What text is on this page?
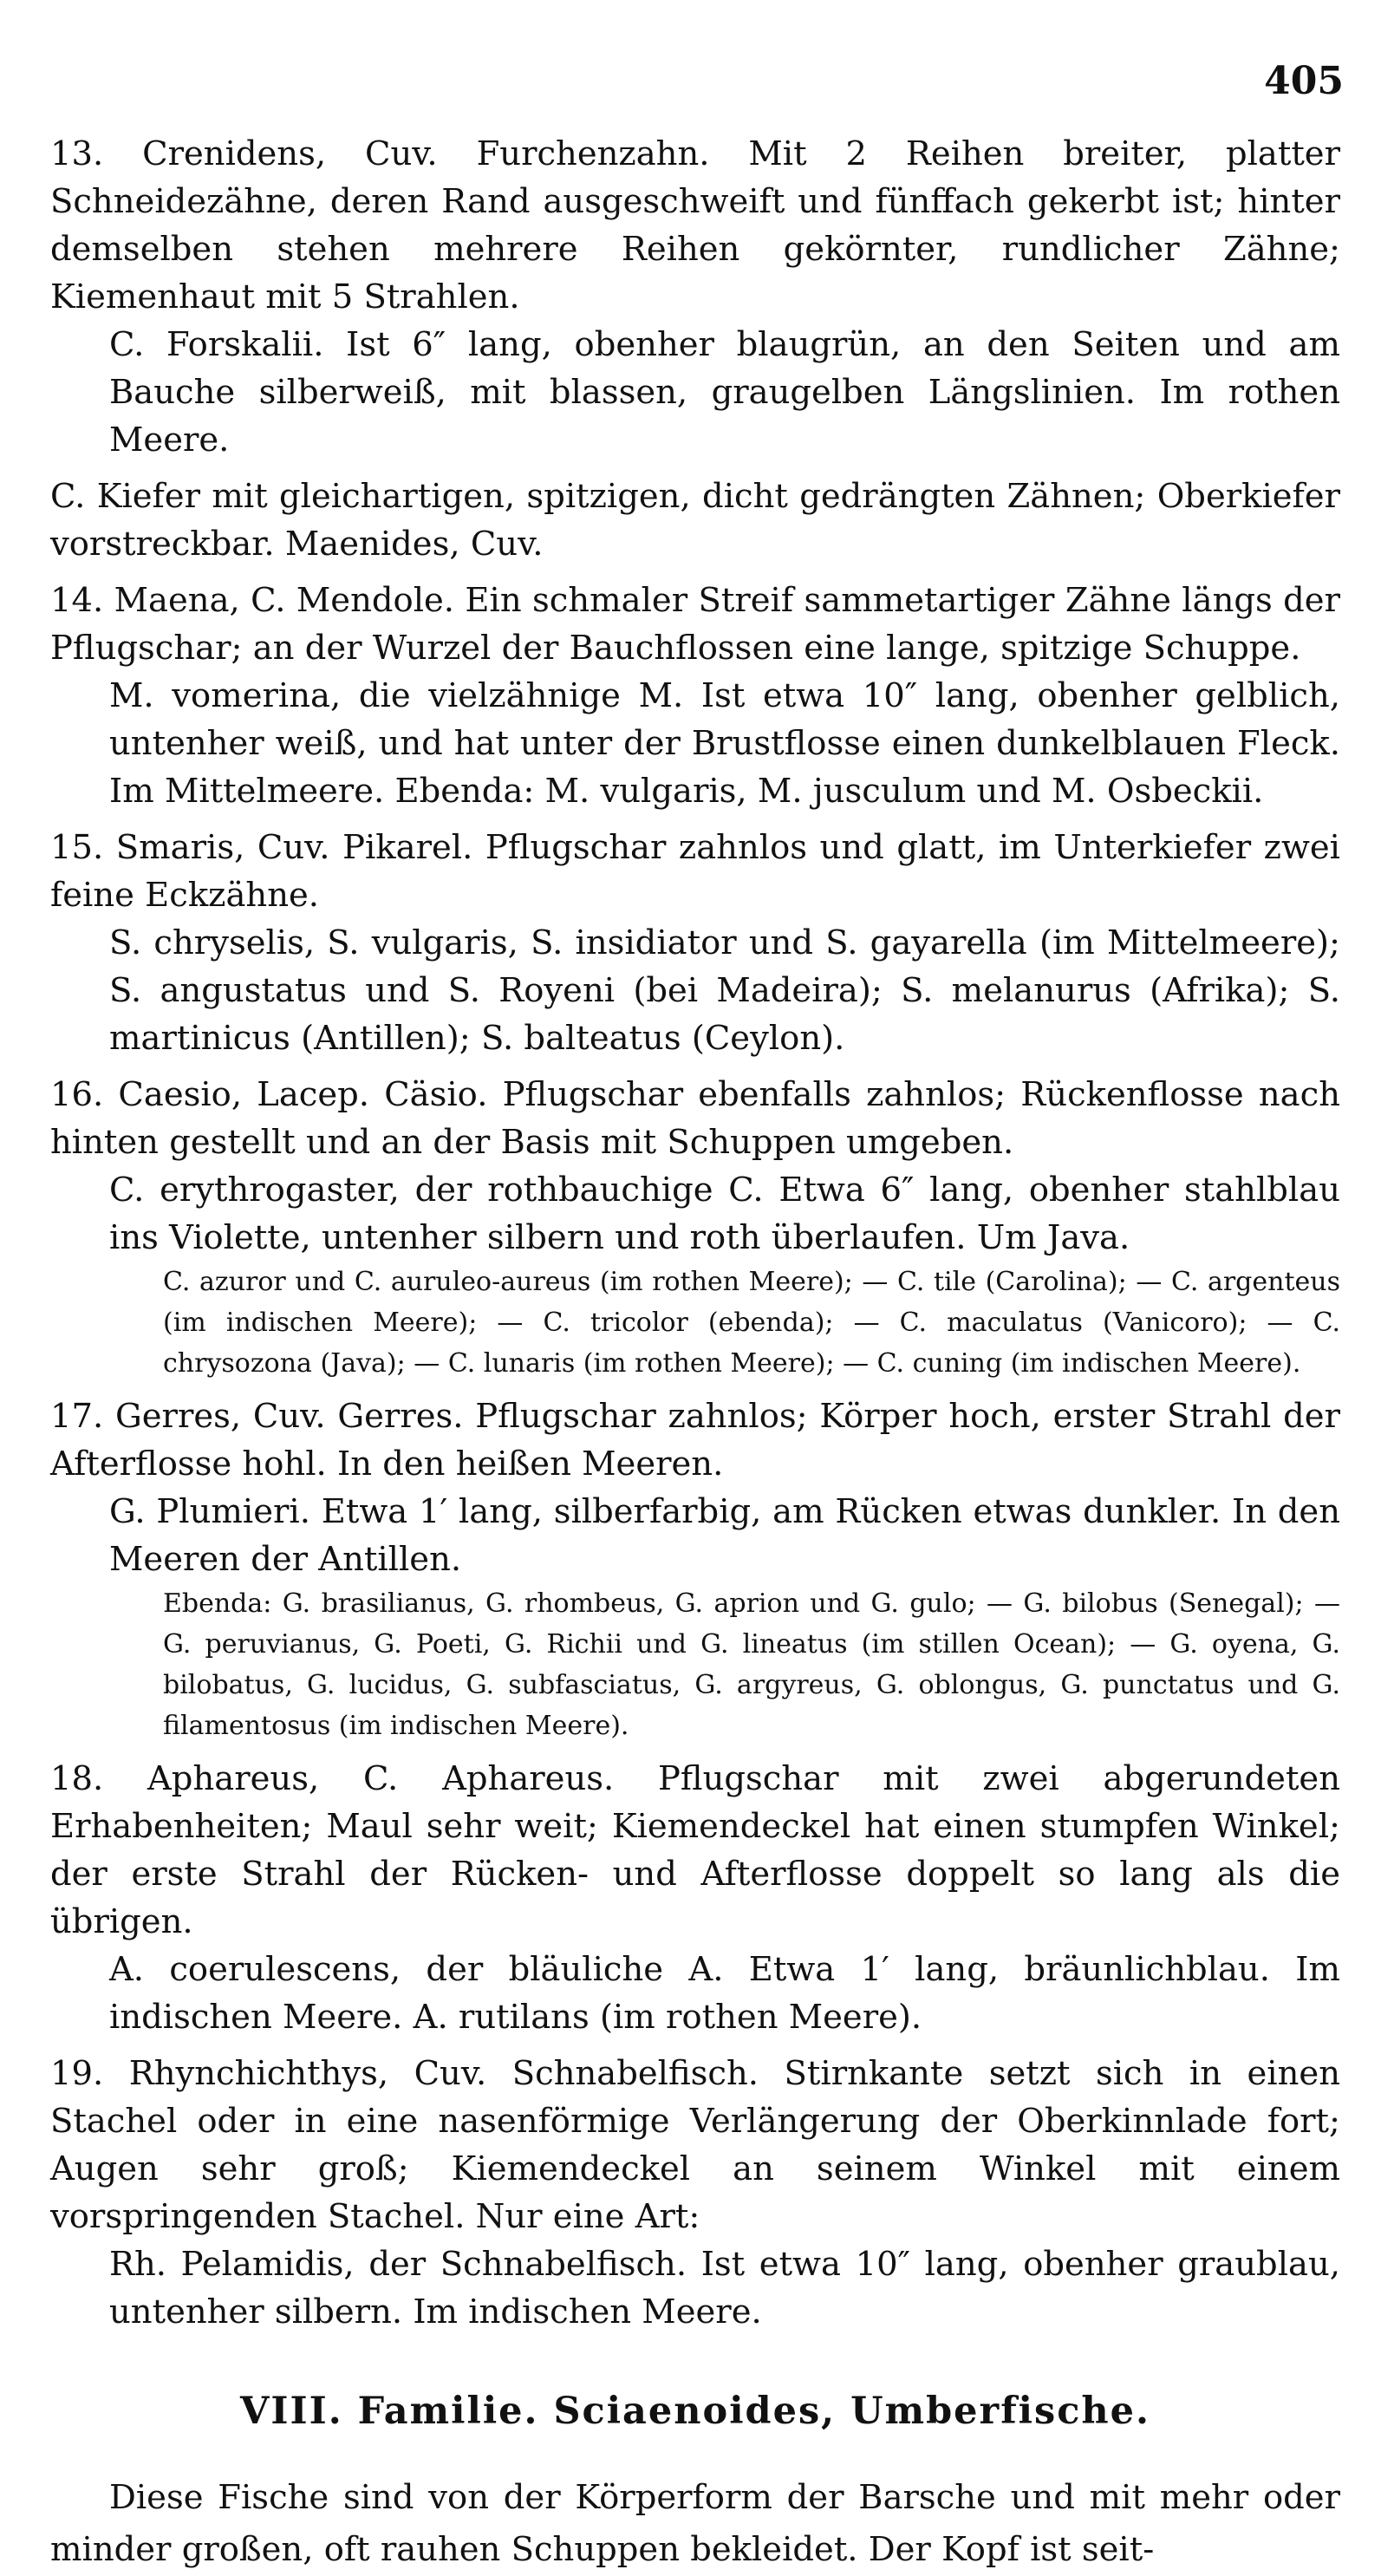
405

13. Crenidens, Cuv. Furchenzahn. Mit 2 Reihen breiter, platter Schneidezähne, deren Rand ausgeschweift und fünffach gekerbt ist; hinter demselben stehen mehrere Reihen gekörnter, rundlicher Zähne; Kiemenhaut mit 5 Strahlen.

C. Forskalii. Ist 6″ lang, obenher blaugrün, an den Seiten und am Bauche silberweiß, mit blassen, graugelben Längslinien. Im rothen Meere.

C. Kiefer mit gleichartigen, spitzigen, dicht gedrängten Zähnen; Oberkiefer vorstreckbar. Maenides, Cuv.

14. Maena, C. Mendole. Ein schmaler Streif sammetartiger Zähne längs der Pflugschar; an der Wurzel der Bauchflossen eine lange, spitzige Schuppe.

M. vomerina, die vielzähnige M. Ist etwa 10″ lang, obenher gelblich, untenher weiß, und hat unter der Brustflosse einen dunkelblauen Fleck. Im Mittelmeere. Ebenda: M. vulgaris, M. jusculum und M. Osbeckii.

15. Smaris, Cuv. Pikarel. Pflugschar zahnlos und glatt, im Unterkiefer zwei feine Eckzähne.

S. chryselis, S. vulgaris, S. insidiator und S. gayarella (im Mittelmeere); S. angustatus und S. Royeni (bei Madeira); S. melanurus (Afrika); S. martinicus (Antillen); S. balteatus (Ceylon).

16. Caesio, Lacep. Cäsio. Pflugschar ebenfalls zahnlos; Rückenflosse nach hinten gestellt und an der Basis mit Schuppen umgeben.

C. erythrogaster, der rothbauchige C. Etwa 6″ lang, obenher stahlblau ins Violette, untenher silbern und roth überlaufen. Um Java.

C. azuror und C. auruleo-aureus (im rothen Meere); — C. tile (Carolina); — C. argenteus (im indischen Meere); — C. tricolor (ebenda); — C. maculatus (Vanicoro); — C. chrysozona (Java); — C. lunaris (im rothen Meere); — C. cuning (im indischen Meere).

17. Gerres, Cuv. Gerres. Pflugschar zahnlos; Körper hoch, erster Strahl der Afterflosse hohl. In den heißen Meeren.

G. Plumieri. Etwa 1′ lang, silberfarbig, am Rücken etwas dunkler. In den Meeren der Antillen.

Ebenda: G. brasilianus, G. rhombeus, G. aprion und G. gulo; — G. bilobus (Senegal); — G. peruvianus, G. Poeti, G. Richii und G. lineatus (im stillen Ocean); — G. oyena, G. bilobatus, G. lucidus, G. subfasciatus, G. argyreus, G. oblongus, G. punctatus und G. filamentosus (im indischen Meere).

18. Aphareus, C. Aphareus. Pflugschar mit zwei abgerundeten Erhabenheiten; Maul sehr weit; Kiemendeckel hat einen stumpfen Winkel; der erste Strahl der Rücken- und Afterflosse doppelt so lang als die übrigen.

A. coerulescens, der bläuliche A. Etwa 1′ lang, bräunlichblau. Im indischen Meere. A. rutilans (im rothen Meere).

19. Rhynchichthys, Cuv. Schnabelfisch. Stirnkante setzt sich in einen Stachel oder in eine nasenförmige Verlängerung der Oberkinnlade fort; Augen sehr groß; Kiemendeckel an seinem Winkel mit einem vorspringenden Stachel. Nur eine Art:

Rh. Pelamidis, der Schnabelfisch. Ist etwa 10″ lang, obenher graublau, untenher silbern. Im indischen Meere.

VIII. Familie. Sciaenoides, Umberfische.

Diese Fische sind von der Körperform der Barsche und mit mehr oder minder großen, oft rauhen Schuppen bekleidet. Der Kopf ist seit-
